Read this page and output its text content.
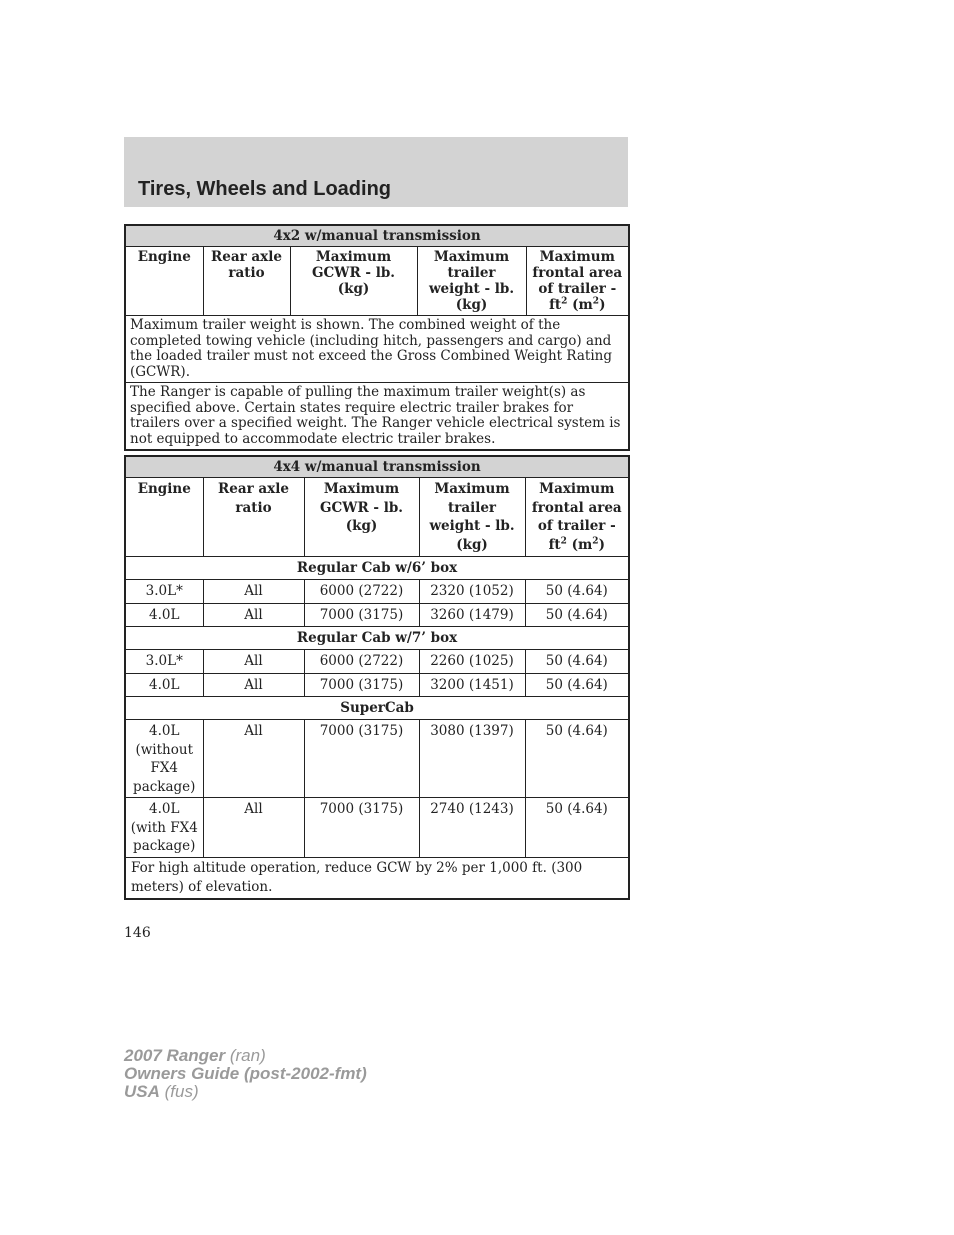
Tires, Wheels and Loading
4x2 w/manual transmission
Engine	Rear axle ratio	Maximum GCWR - lb. (kg)	Maximum trailer weight - lb. (kg)	Maximum frontal area of trailer - $ft^2$ $(m^2)$
Maximum trailer weight is shown. The combined weight of the completed towing vehicle (including hitch, passengers and cargo) and the loaded trailer must not exceed the Gross Combined Weight Rating (GCWR).
The Ranger is capable of pulling the maximum trailer weight(s) as specified above. Certain states require electric trailer brakes for trailers over a specified weight. The Ranger vehicle electrical system is not equipped to accommodate electric trailer brakes.
4x4 w/manual transmission				
Engine	Rear axle ratio	Maximum GCWR - lb. (kg)	Maximum trailer weight - lb. (kg)	Maximum frontal area of trailer - $ft^2$ $(m^2)$
Regular Cab w/6’ box				
3.0L*	All	6000 (2722)	2320 (1052)	50 (4.64)
4.0L	All	7000 (3175)	3260 (1479)	50 (4.64)
Regular Cab w/7’ box				
3.0L*	All	6000 (2722)	2260 (1025)	50 (4.64)
4.0L	All	7000 (3175)	3200 (1451)	50 (4.64)
SuperCab				
4.0L (without FX4 package)	All	7000 (3175)	3080 (1397)	50 (4.64)
4.0L (with FX4 package)	All	7000 (3175)	2740 (1243)	50 (4.64)
For high altitude operation, reduce GCW by 2% per 1,000 ft. (300 meters) of elevation.				
146
2007 Ranger (ran)
Owners Guide (post-2002-fmt)
USA (fus)
